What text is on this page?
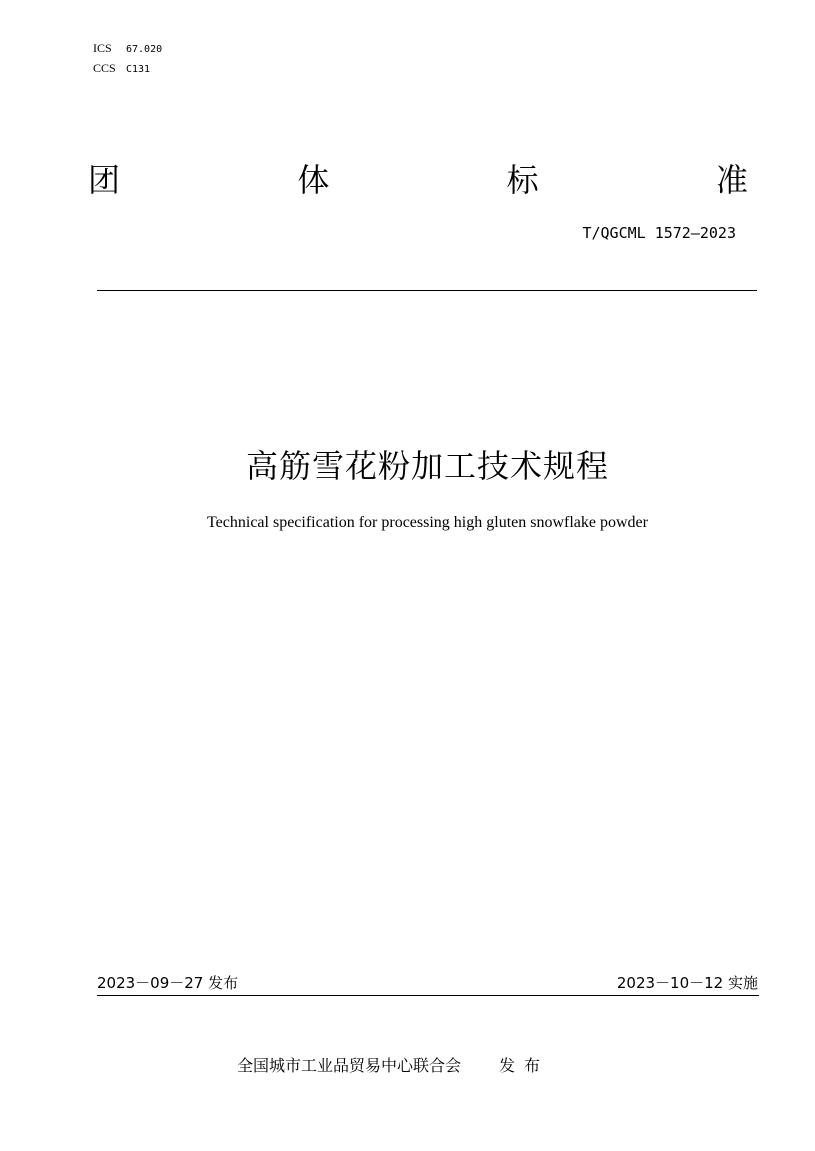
ICS 67.020
CCS C131
团	体	标	准
T/QGCML 1572—2023
高筋雪花粉加工技术规程
Technical specification for processing high gluten snowflake powder
2023－09－27 发布	2023－10－12 实施
全国城市工业品贸易中心联合会 发布
